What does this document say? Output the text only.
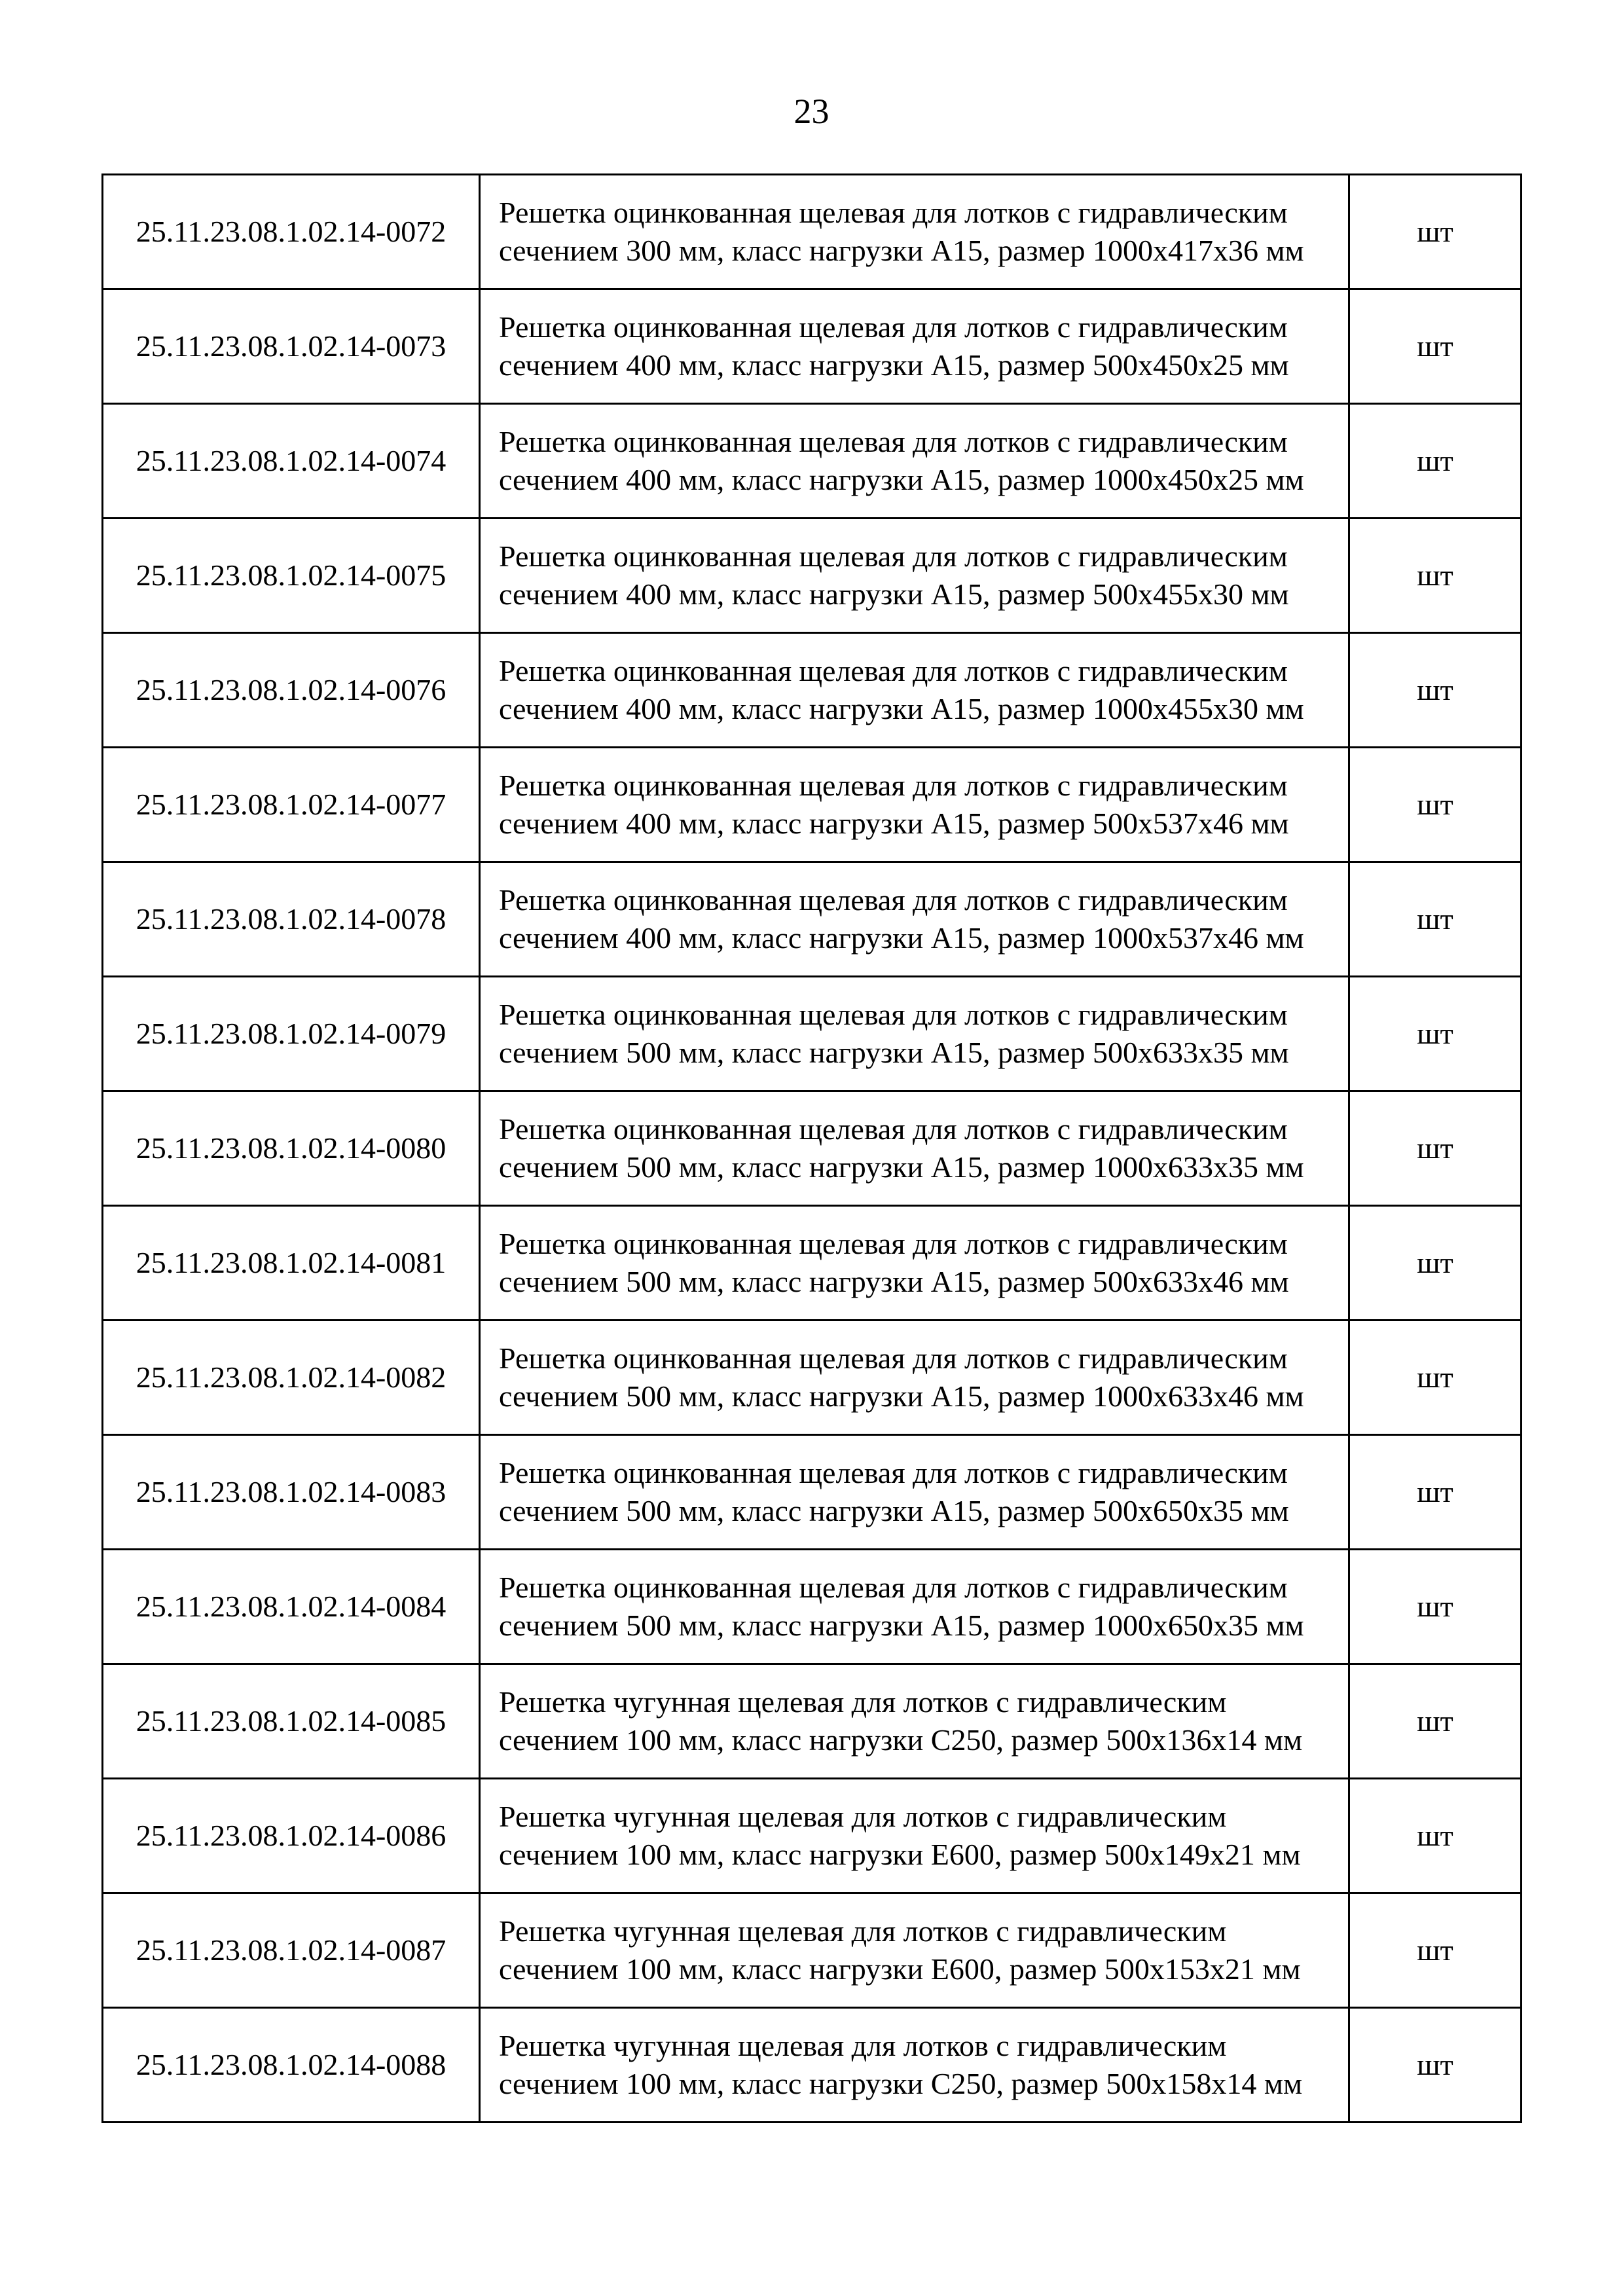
23
25.11.23.08.1.02.14-0072	Решетка оцинкованная щелевая для лотков с гидравлическим сечением 300 мм, класс нагрузки А15, размер 1000х417х36 мм	шт
25.11.23.08.1.02.14-0073	Решетка оцинкованная щелевая для лотков с гидравлическим сечением 400 мм, класс нагрузки А15, размер 500х450х25 мм	шт
25.11.23.08.1.02.14-0074	Решетка оцинкованная щелевая для лотков с гидравлическим сечением 400 мм, класс нагрузки А15, размер 1000х450х25 мм	шт
25.11.23.08.1.02.14-0075	Решетка оцинкованная щелевая для лотков с гидравлическим сечением 400 мм, класс нагрузки А15, размер 500х455х30 мм	шт
25.11.23.08.1.02.14-0076	Решетка оцинкованная щелевая для лотков с гидравлическим сечением 400 мм, класс нагрузки А15, размер 1000х455х30 мм	шт
25.11.23.08.1.02.14-0077	Решетка оцинкованная щелевая для лотков с гидравлическим сечением 400 мм, класс нагрузки А15, размер 500х537х46 мм	шт
25.11.23.08.1.02.14-0078	Решетка оцинкованная щелевая для лотков с гидравлическим сечением 400 мм, класс нагрузки А15, размер 1000х537х46 мм	шт
25.11.23.08.1.02.14-0079	Решетка оцинкованная щелевая для лотков с гидравлическим сечением 500 мм, класс нагрузки А15, размер 500х633х35 мм	шт
25.11.23.08.1.02.14-0080	Решетка оцинкованная щелевая для лотков с гидравлическим сечением 500 мм, класс нагрузки А15, размер 1000х633х35 мм	шт
25.11.23.08.1.02.14-0081	Решетка оцинкованная щелевая для лотков с гидравлическим сечением 500 мм, класс нагрузки А15, размер 500х633х46 мм	шт
25.11.23.08.1.02.14-0082	Решетка оцинкованная щелевая для лотков с гидравлическим сечением 500 мм, класс нагрузки А15, размер 1000х633х46 мм	шт
25.11.23.08.1.02.14-0083	Решетка оцинкованная щелевая для лотков с гидравлическим сечением 500 мм, класс нагрузки А15, размер 500х650х35 мм	шт
25.11.23.08.1.02.14-0084	Решетка оцинкованная щелевая для лотков с гидравлическим сечением 500 мм, класс нагрузки А15, размер 1000х650х35 мм	шт
25.11.23.08.1.02.14-0085	Решетка чугунная щелевая для лотков с гидравлическим сечением 100 мм, класс нагрузки С250, размер 500х136х14 мм	шт
25.11.23.08.1.02.14-0086	Решетка чугунная щелевая для лотков с гидравлическим сечением 100 мм, класс нагрузки Е600, размер 500х149х21 мм	шт
25.11.23.08.1.02.14-0087	Решетка чугунная щелевая для лотков с гидравлическим сечением 100 мм, класс нагрузки Е600, размер 500х153х21 мм	шт
25.11.23.08.1.02.14-0088	Решетка чугунная щелевая для лотков с гидравлическим сечением 100 мм, класс нагрузки С250, размер 500х158х14 мм	шт
